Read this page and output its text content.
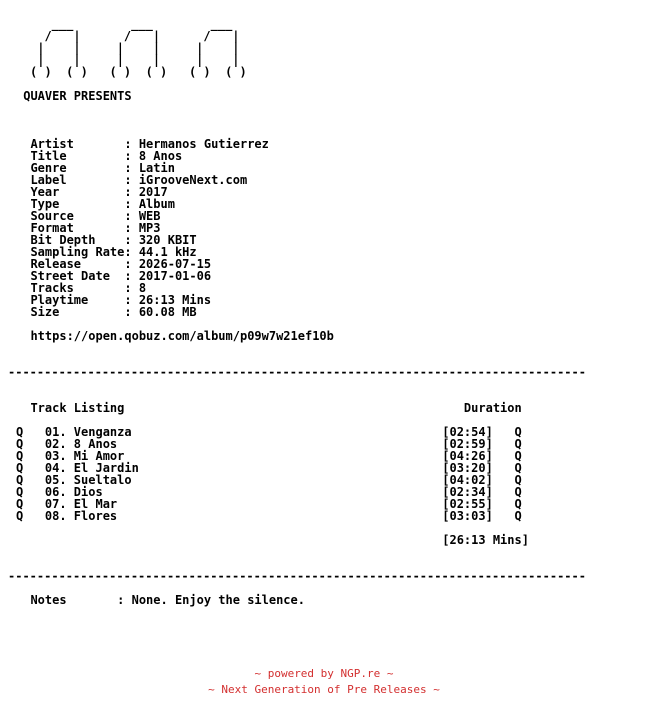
___        ___        ___
/   |      /   |      /   |
|    |     |    |     |    |
|    |     |    |     |    |
( )  ( )   ( )  ( )   ( )  ( )
QUAVER PRESENTS
Artist       : Hermanos Gutierrez
Title        : 8 Anos
Genre        : Latin
Label        : iGrooveNext.com
Year         : 2017
Type         : Album
Source       : WEB
Format       : MP3
Bit Depth    : 320 KBIT
Sampling Rate: 44.1 kHz
Release      : 2026-07-15
Street Date  : 2017-01-06
Tracks       : 8
Playtime     : 26:13 Mins
Size         : 60.08 MB
https://open.qobuz.com/album/p09w7w21ef10b
--------------------------------------------------------------------------------
Track Listing                                               Duration
Q   01. Venganza                                           [02:54]   Q
Q   02. 8 Anos                                             [02:59]   Q
Q   03. Mi Amor                                            [04:26]   Q
Q   04. El Jardin                                          [03:20]   Q
Q   05. Sueltalo                                           [04:02]   Q
Q   06. Dios                                               [02:34]   Q
Q   07. El Mar                                             [02:55]   Q
Q   08. Flores                                             [03:03]   Q
[26:13 Mins]
--------------------------------------------------------------------------------
Notes       : None. Enjoy the silence.
~ powered by NGP.re ~
~ Next Generation of Pre Releases ~
